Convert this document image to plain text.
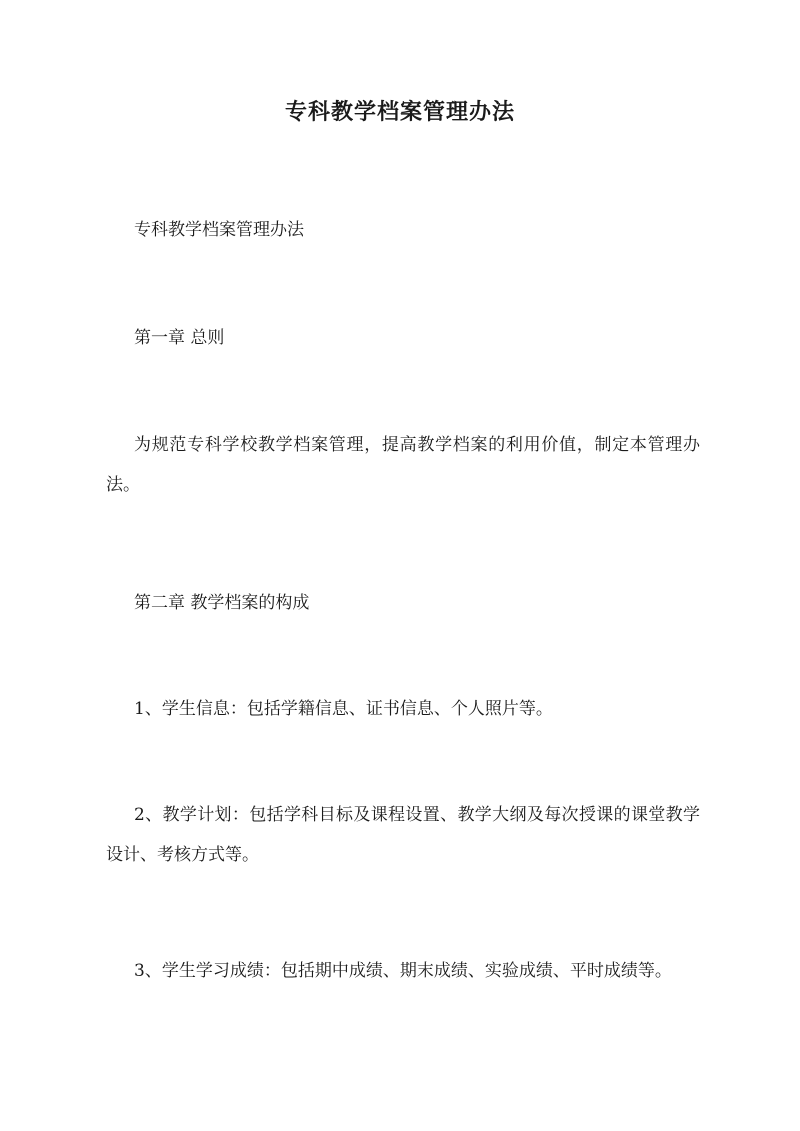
专科教学档案管理办法

专科教学档案管理办法

第一章 总则

为规范专科学校教学档案管理，提高教学档案的利用价值，制定本管理办法。

第二章 教学档案的构成

1、学生信息：包括学籍信息、证书信息、个人照片等。

2、教学计划：包括学科目标及课程设置、教学大纲及每次授课的课堂教学设计、考核方式等。

3、学生学习成绩：包括期中成绩、期末成绩、实验成绩、平时成绩等。
